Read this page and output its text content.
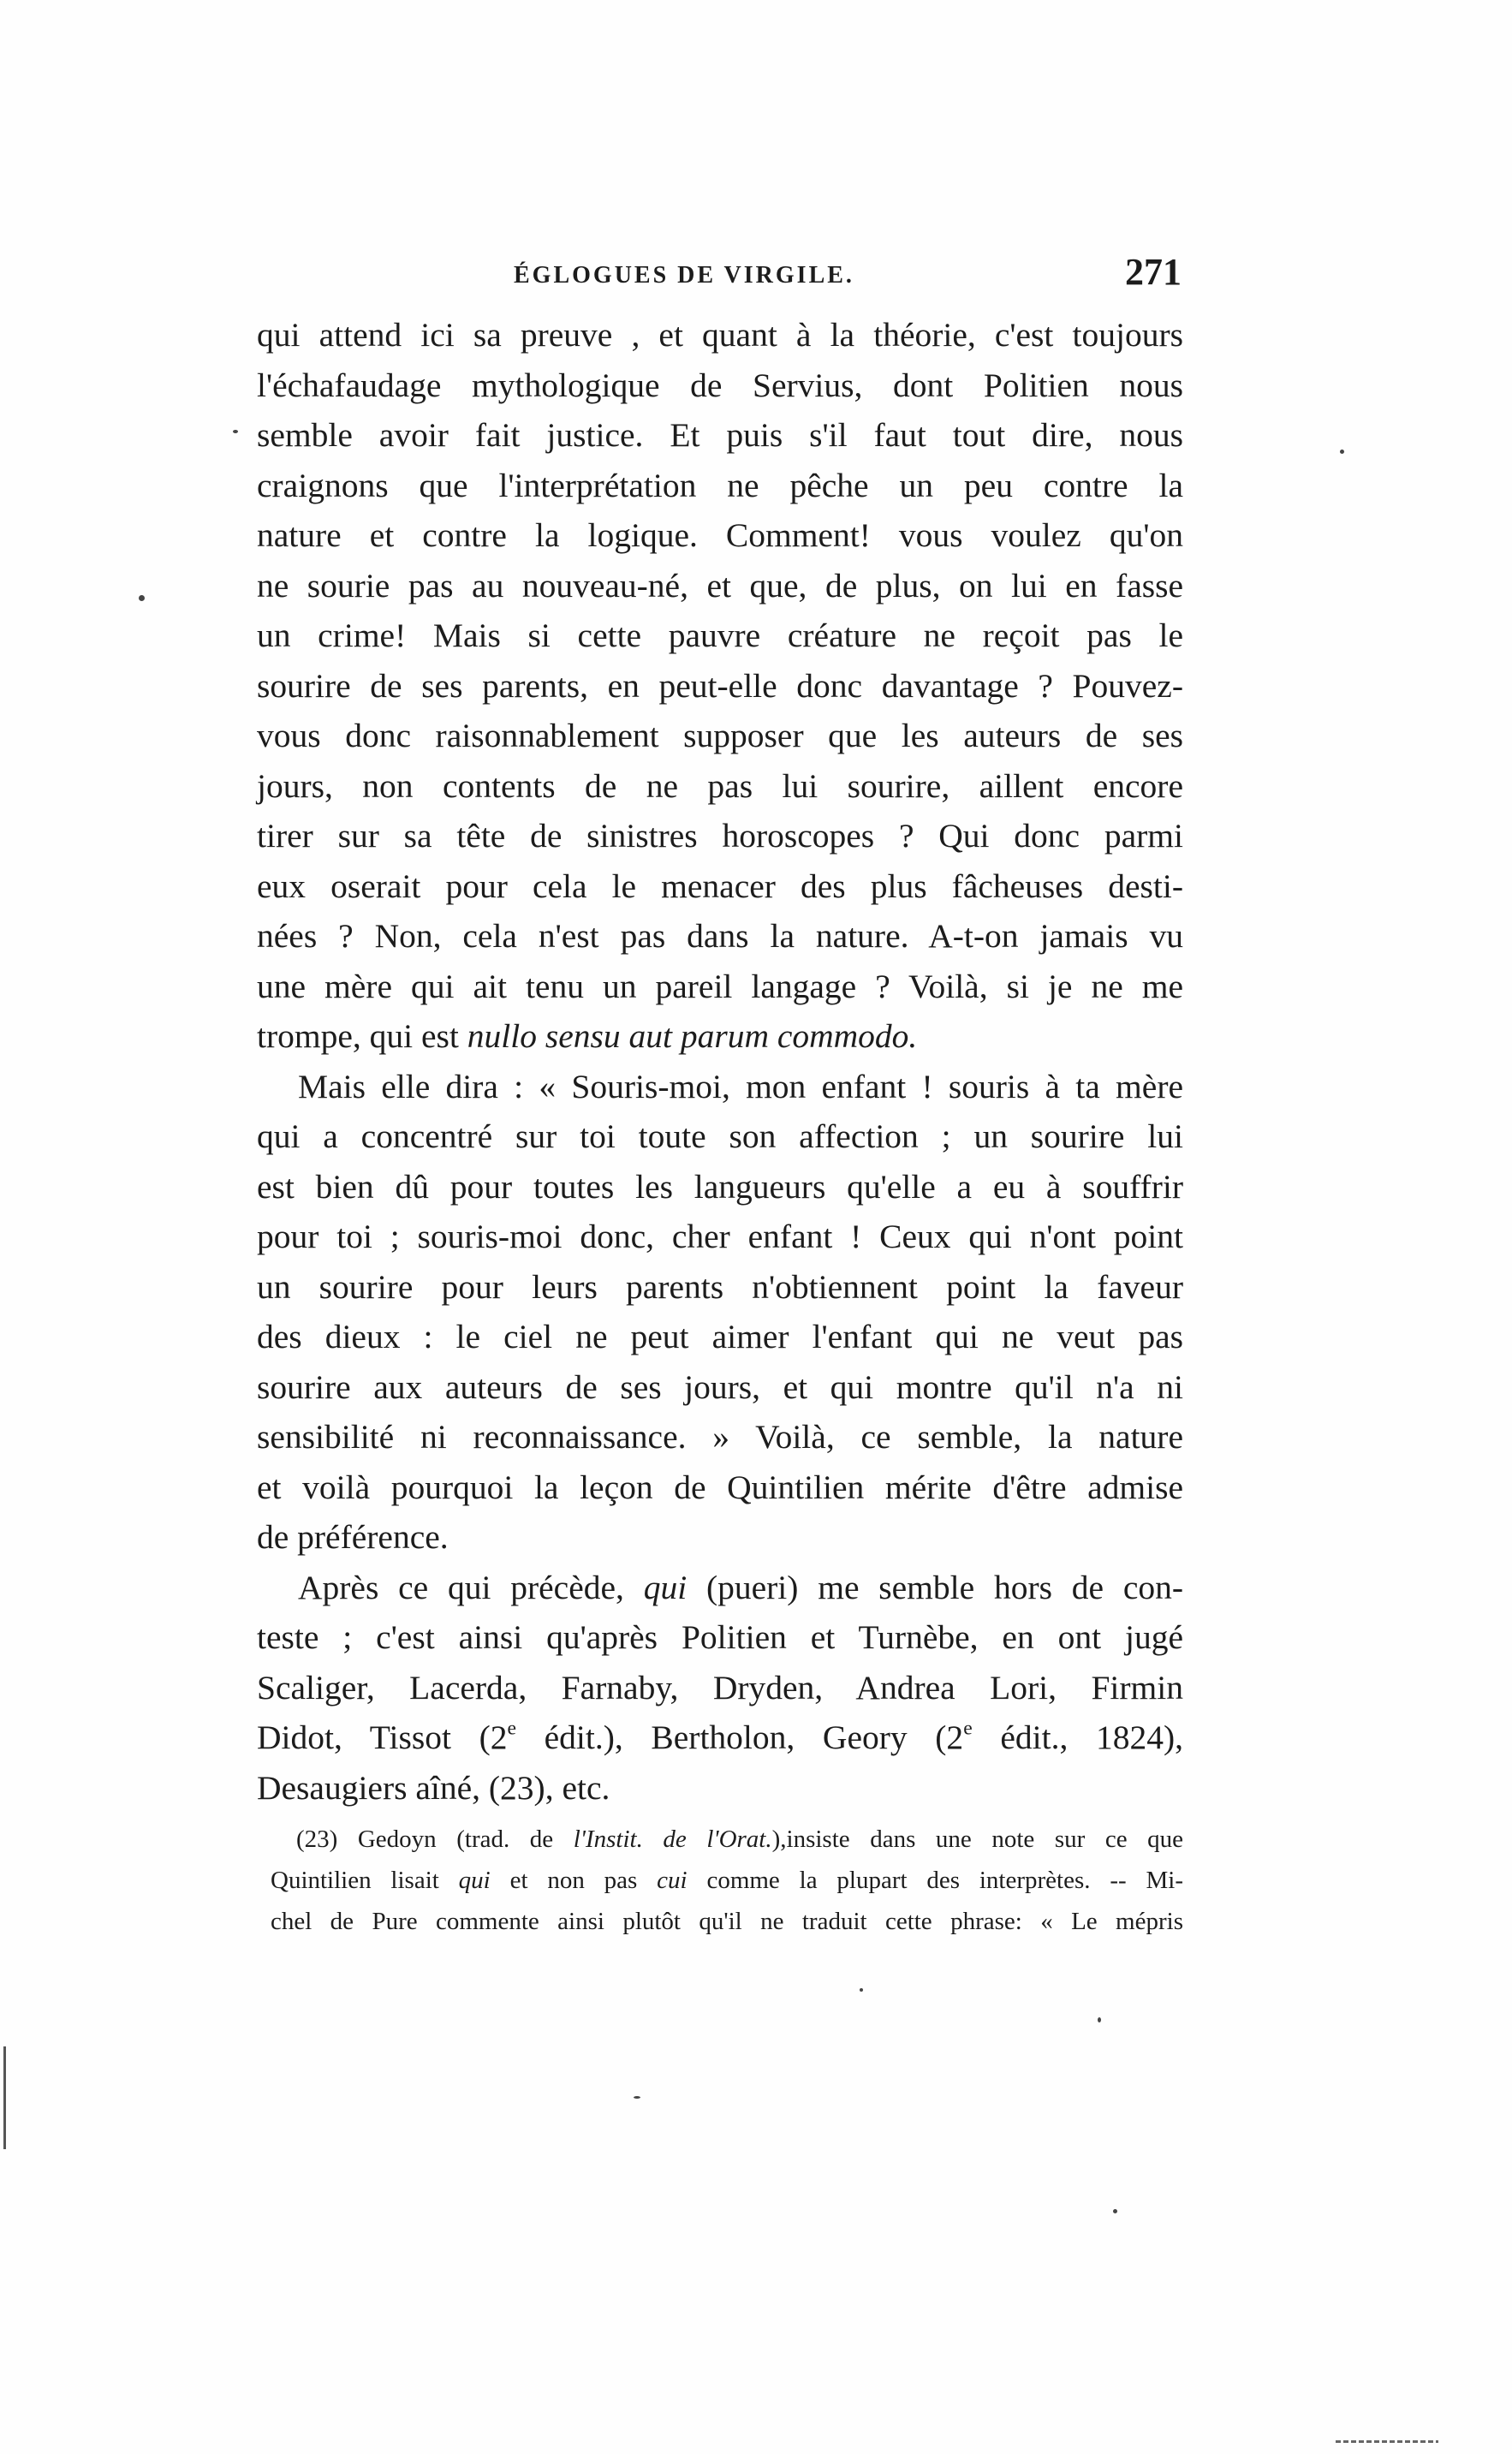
ÉGLOGUES DE VIRGILE.	271
qui attend ici sa preuve , et quant à la théorie, c'est toujours
l'échafaudage mythologique de Servius, dont Politien nous
semble avoir fait justice. Et puis s'il faut tout dire, nous
craignons que l'interprétation ne pêche un peu contre la
nature et contre la logique. Comment! vous voulez qu'on
ne sourie pas au nouveau-né, et que, de plus, on lui en fasse
un crime! Mais si cette pauvre créature ne reçoit pas le
sourire de ses parents, en peut-elle donc davantage ? Pouvez-
vous donc raisonnablement supposer que les auteurs de ses
jours, non contents de ne pas lui sourire, aillent encore
tirer sur sa tête de sinistres horoscopes ? Qui donc parmi
eux oserait pour cela le menacer des plus fâcheuses desti-
nées ? Non, cela n'est pas dans la nature. A-t-on jamais vu
une mère qui ait tenu un pareil langage ? Voilà, si je ne me
trompe, qui est nullo sensu aut parum commodo.
Mais elle dira : « Souris-moi, mon enfant ! souris à ta mère
qui a concentré sur toi toute son affection ; un sourire lui
est bien dû pour toutes les langueurs qu'elle a eu à souffrir
pour toi ; souris-moi donc, cher enfant ! Ceux qui n'ont point
un sourire pour leurs parents n'obtiennent point la faveur
des dieux : le ciel ne peut aimer l'enfant qui ne veut pas
sourire aux auteurs de ses jours, et qui montre qu'il n'a ni
sensibilité ni reconnaissance. » Voilà, ce semble, la nature
et voilà pourquoi la leçon de Quintilien mérite d'être admise
de préférence.
Après ce qui précède, qui (pueri) me semble hors de con-
teste ; c'est ainsi qu'après Politien et Turnèbe, en ont jugé
Scaliger, Lacerda, Farnaby, Dryden, Andrea Lori, Firmin
Didot, Tissot (2e édit.), Bertholon, Geory (2e édit., 1824),
Desaugiers aîné, (23), etc.
(23) Gedoyn (trad. de l'Instit. de l'Orat.),insiste dans une note sur ce que
Quintilien lisait qui et non pas cui comme la plupart des interprètes. -- Mi-
chel de Pure commente ainsi plutôt qu'il ne traduit cette phrase: « Le mépris
